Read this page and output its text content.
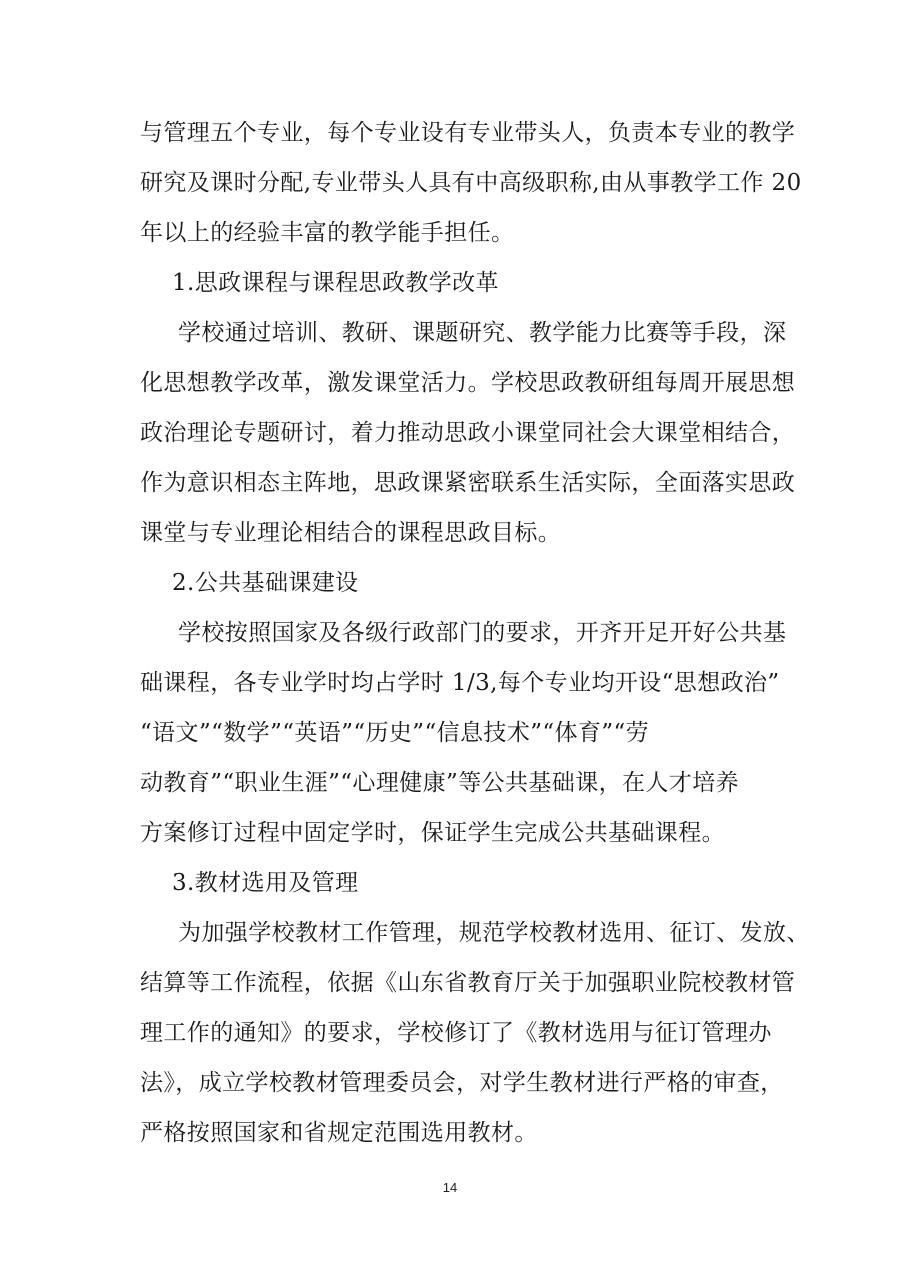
与管理五个专业，每个专业设有专业带头人，负责本专业的教学
研究及课时分配,专业带头人具有中高级职称,由从事教学工作 20
年以上的经验丰富的教学能手担任。
1.思政课程与课程思政教学改革
学校通过培训、教研、课题研究、教学能力比赛等手段，深
化思想教学改革，激发课堂活力。学校思政教研组每周开展思想
政治理论专题研讨，着力推动思政小课堂同社会大课堂相结合，
作为意识相态主阵地，思政课紧密联系生活实际，全面落实思政
课堂与专业理论相结合的课程思政目标。
2.公共基础课建设
学校按照国家及各级行政部门的要求，开齐开足开好公共基
础课程，各专业学时均占学时 1/3,每个专业均开设“思想政治”
“语文”“数学”“英语”“历史”“信息技术”“体育”“劳
动教育”“职业生涯”“心理健康”等公共基础课，在人才培养
方案修订过程中固定学时，保证学生完成公共基础课程。
3.教材选用及管理
为加强学校教材工作管理，规范学校教材选用、征订、发放、
结算等工作流程，依据《山东省教育厅关于加强职业院校教材管
理工作的通知》的要求，学校修订了《教材选用与征订管理办
法》，成立学校教材管理委员会，对学生教材进行严格的审查，
严格按照国家和省规定范围选用教材。
14
